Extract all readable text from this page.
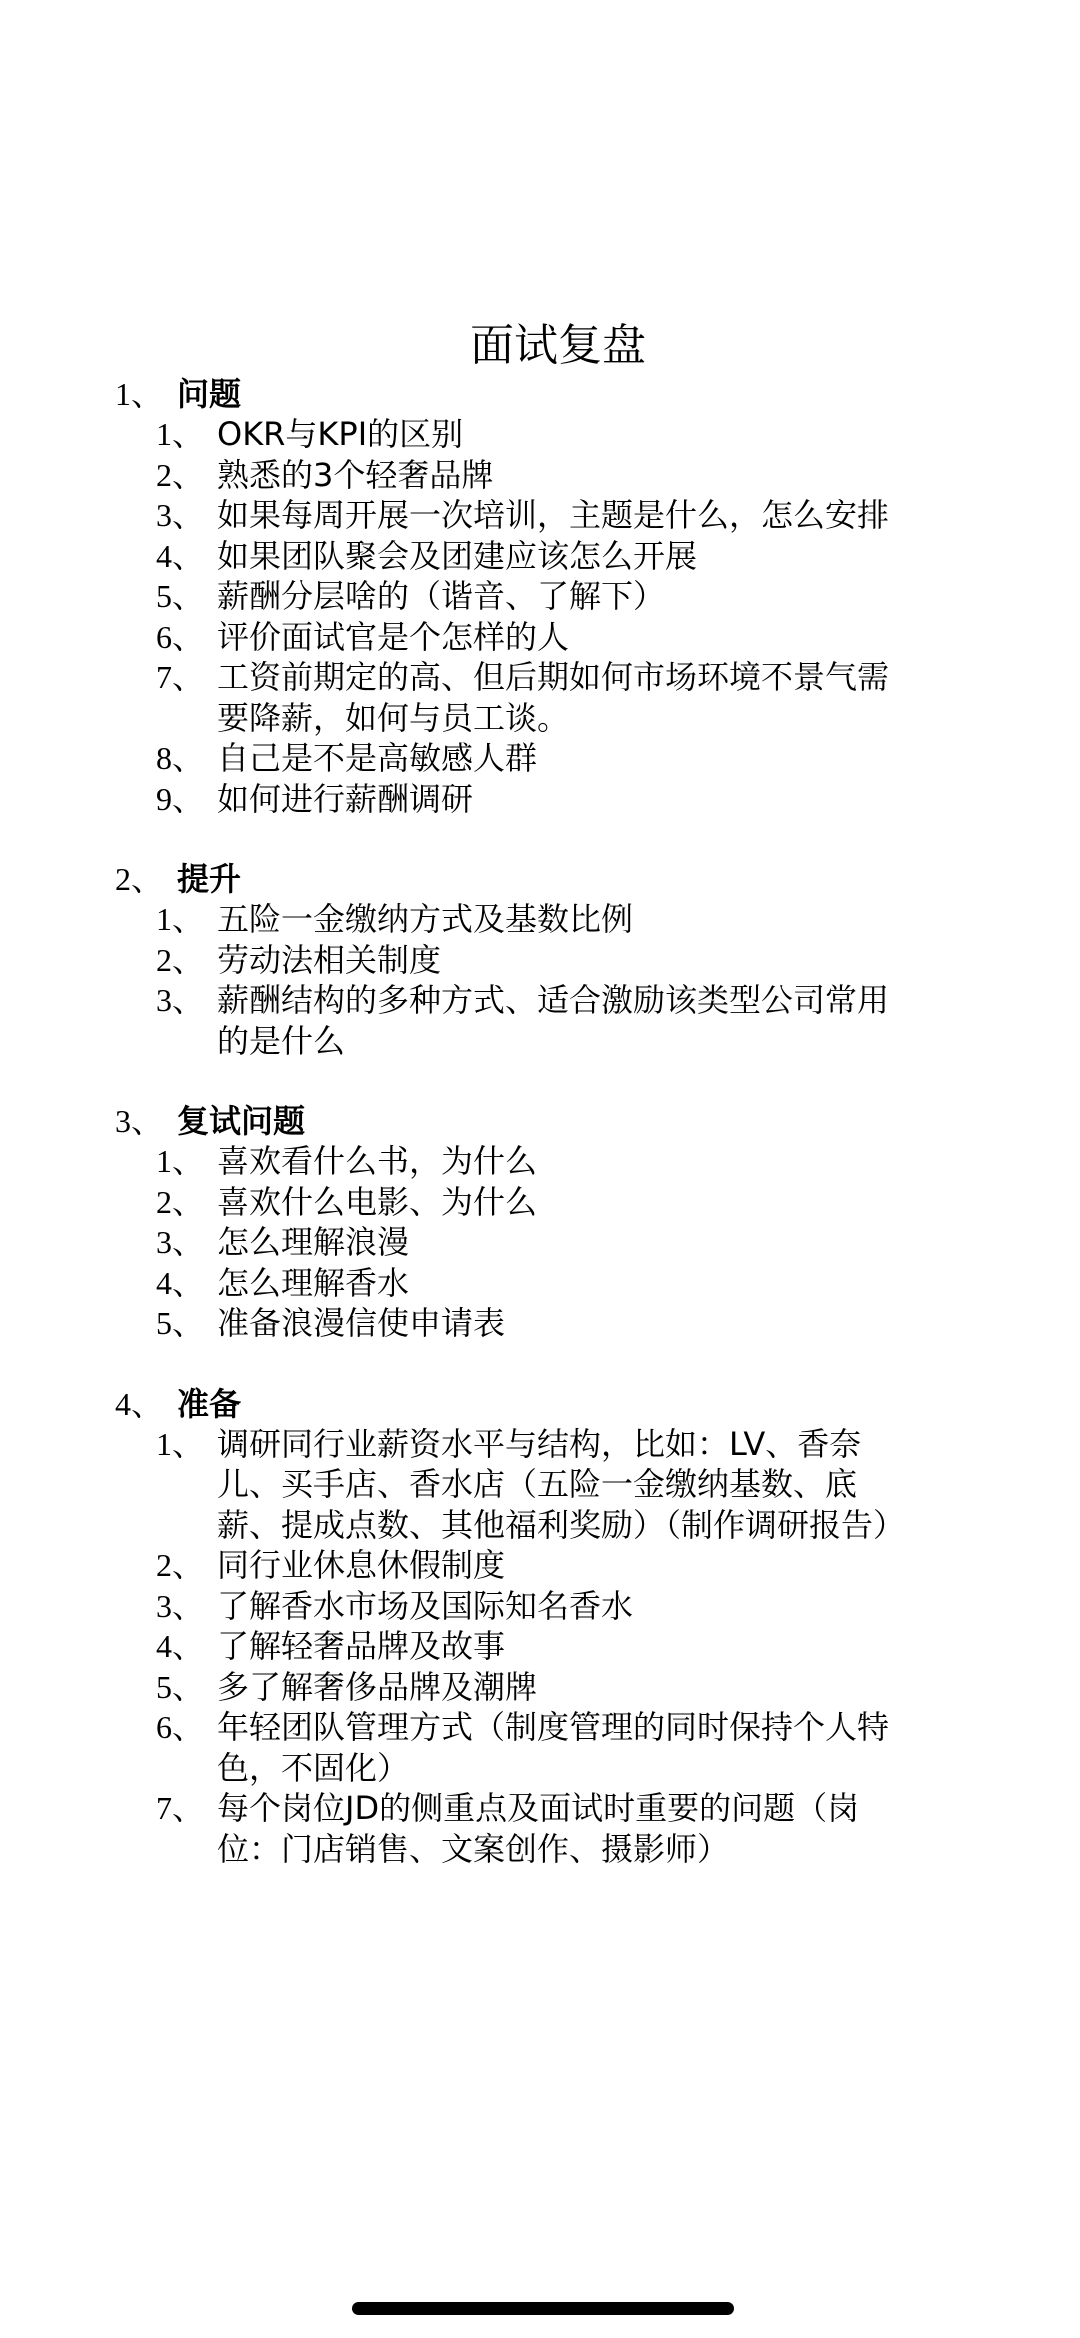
面试复盘
1、 问题
1、 OKR与KPI的区别
2、 熟悉的3个轻奢品牌
3、 如果每周开展一次培训，主题是什么，怎么安排
4、 如果团队聚会及团建应该怎么开展
5、 薪酬分层啥的（谐音、了解下）
6、 评价面试官是个怎样的人
7、 工资前期定的高、但后期如何市场环境不景气需要降薪，如何与员工谈。
8、 自己是不是高敏感人群
9、 如何进行薪酬调研
2、 提升
1、 五险一金缴纳方式及基数比例
2、 劳动法相关制度
3、 薪酬结构的多种方式、适合激励该类型公司常用的是什么
3、 复试问题
1、 喜欢看什么书，为什么
2、 喜欢什么电影、为什么
3、 怎么理解浪漫
4、 怎么理解香水
5、 准备浪漫信使申请表
4、 准备
1、 调研同行业薪资水平与结构，比如：LV、香奈儿、买手店、香水店（五险一金缴纳基数、底薪、提成点数、其他福利奖励）（制作调研报告）
2、 同行业休息休假制度
3、 了解香水市场及国际知名香水
4、 了解轻奢品牌及故事
5、 多了解奢侈品牌及潮牌
6、 年轻团队管理方式（制度管理的同时保持个人特色，不固化）
7、 每个岗位JD的侧重点及面试时重要的问题（岗位：门店销售、文案创作、摄影师）
